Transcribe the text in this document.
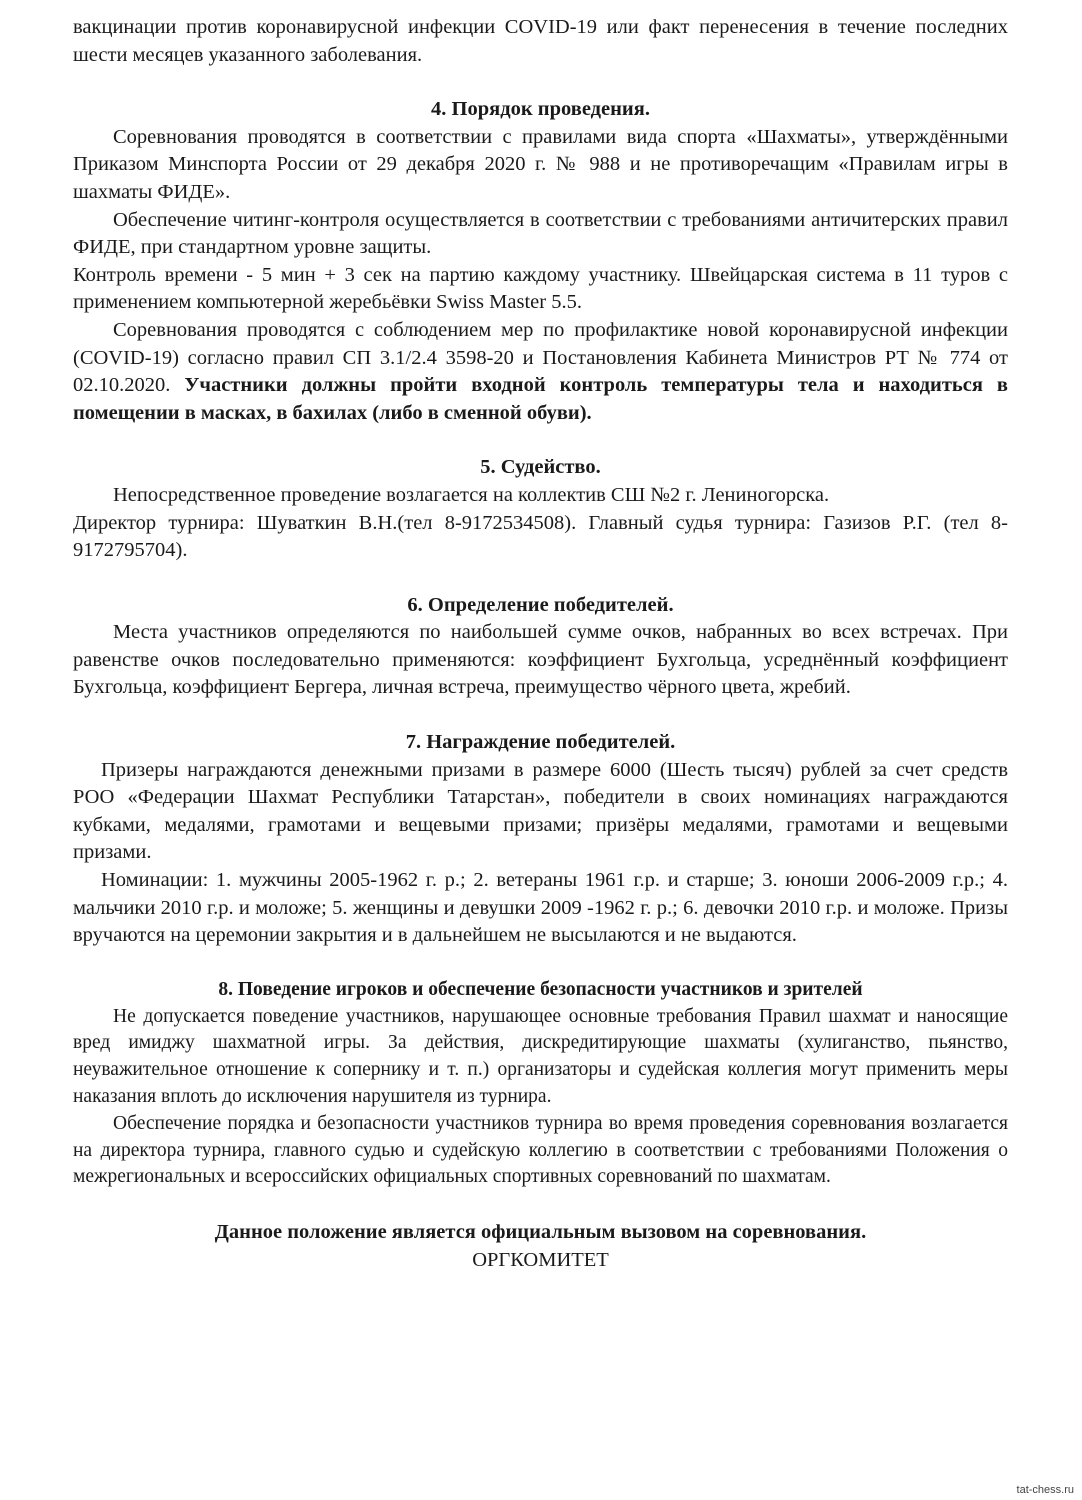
вакцинации против коронавирусной инфекции COVID-19 или факт перенесения в течение последних шести месяцев указанного заболевания.

4. Порядок проведения.

Соревнования проводятся в соответствии с правилами вида спорта «Шахматы», утверждёнными Приказом Минспорта России от 29 декабря 2020 г. № 988 и не противоречащим «Правилам игры в шахматы ФИДЕ».

Обеспечение читинг-контроля осуществляется в соответствии с требованиями античитерских правил ФИДЕ, при стандартном уровне защиты.

Контроль времени - 5 мин + 3 сек на партию каждому участнику. Швейцарская система в 11 туров с применением компьютерной жеребьёвки Swiss Master 5.5.

Соревнования проводятся с соблюдением мер по профилактике новой коронавирусной инфекции (COVID-19) согласно правил СП 3.1/2.4 3598-20 и Постановления Кабинета Министров РТ № 774 от 02.10.2020. Участники должны пройти входной контроль температуры тела и находиться в помещении в масках, в бахилах (либо в сменной обуви).

5. Судейство.

Непосредственное проведение возлагается на коллектив СШ №2 г. Лениногорска.

Директор турнира: Шуваткин В.Н.(тел 8-9172534508). Главный судья турнира: Газизов Р.Г. (тел 8-9172795704).

6. Определение победителей.

Места участников определяются по наибольшей сумме очков, набранных во всех встречах. При равенстве очков последовательно применяются: коэффициент Бухгольца, усреднённый коэффициент Бухгольца, коэффициент Бергера, личная встреча, преимущество чёрного цвета, жребий.

7. Награждение победителей.

Призеры награждаются денежными призами в размере 6000 (Шесть тысяч) рублей за счет средств РОО «Федерации Шахмат Республики Татарстан», победители в своих номинациях награждаются кубками, медалями, грамотами и вещевыми призами; призёры медалями, грамотами и вещевыми призами.

Номинации: 1. мужчины 2005-1962 г. р.; 2. ветераны 1961 г.р. и старше; 3. юноши 2006-2009 г.р.; 4. мальчики 2010 г.р. и моложе; 5. женщины и девушки 2009 -1962 г. р.; 6. девочки 2010 г.р. и моложе. Призы вручаются на церемонии закрытия и в дальнейшем не высылаются и не выдаются.

8. Поведение игроков и обеспечение безопасности участников и зрителей

Не допускается поведение участников, нарушающее основные требования Правил шахмат и наносящие вред имиджу шахматной игры. За действия, дискредитирующие шахматы (хулиганство, пьянство, неуважительное отношение к сопернику и т. п.) организаторы и судейская коллегия могут применить меры наказания вплоть до исключения нарушителя из турнира.

Обеспечение порядка и безопасности участников турнира во время проведения соревнования возлагается на директора турнира, главного судью и судейскую коллегию в соответствии с требованиями Положения о межрегиональных и всероссийских официальных спортивных соревнований по шахматам.

Данное положение является официальным вызовом на соревнования.
ОРГКОМИТЕТ
tat-chess.ru
